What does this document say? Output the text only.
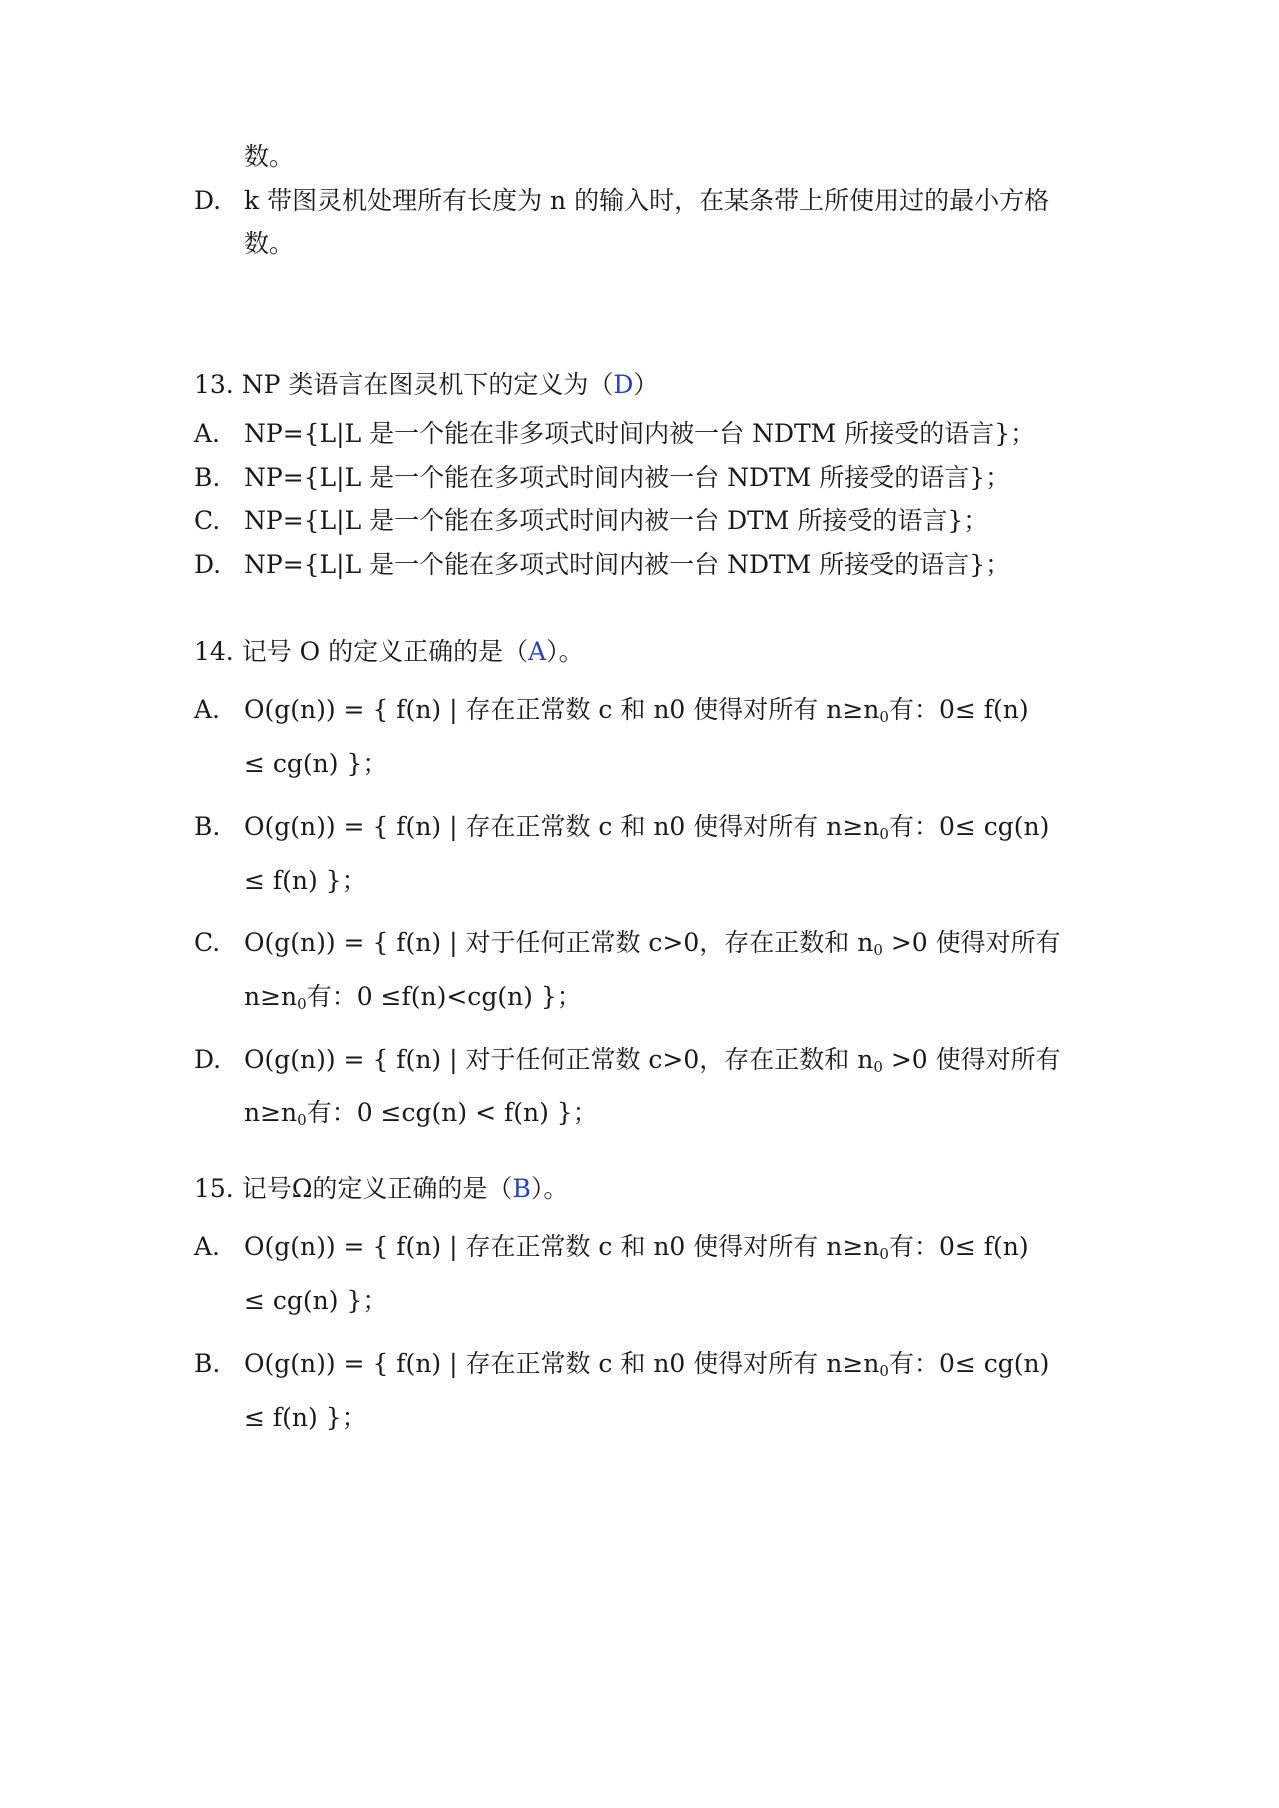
数。
D. k 带图灵机处理所有长度为 n 的输入时，在某条带上所使用过的最小方格
数。
13. NP 类语言在图灵机下的定义为（D）
A. NP={L|L 是一个能在非多项式时间内被一台 NDTM 所接受的语言}；
B. NP={L|L 是一个能在多项式时间内被一台 NDTM 所接受的语言}；
C. NP={L|L 是一个能在多项式时间内被一台 DTM 所接受的语言}；
D. NP={L|L 是一个能在多项式时间内被一台 NDTM 所接受的语言}；
14. 记号 O 的定义正确的是（A）。
A. O(g(n)) = { f(n) | 存在正常数 c 和 n0 使得对所有 $n\ge n_0$有：0≤ f(n)
≤ cg(n) }；
B. O(g(n)) = { f(n) | 存在正常数 c 和 n0 使得对所有 $n\ge n_0$有：0≤ cg(n)
≤ f(n) }；
C. O(g(n)) = { f(n) | 对于任何正常数 c>0，存在正数和 $n_0 >0$ 使得对所有
$n\ge n_0$有：0 ≤f(n)<cg(n) }；
D. O(g(n)) = { f(n) | 对于任何正常数 c>0，存在正数和 $n_0 >0$ 使得对所有
$n\ge n_0$有：0 ≤cg(n) < f(n) }；
15. 记号Ω的定义正确的是（B）。
A. O(g(n)) = { f(n) | 存在正常数 c 和 n0 使得对所有 $n\ge n_0$有：0≤ f(n)
≤ cg(n) }；
B. O(g(n)) = { f(n) | 存在正常数 c 和 n0 使得对所有 $n\ge n_0$有：0≤ cg(n)
≤ f(n) }；
